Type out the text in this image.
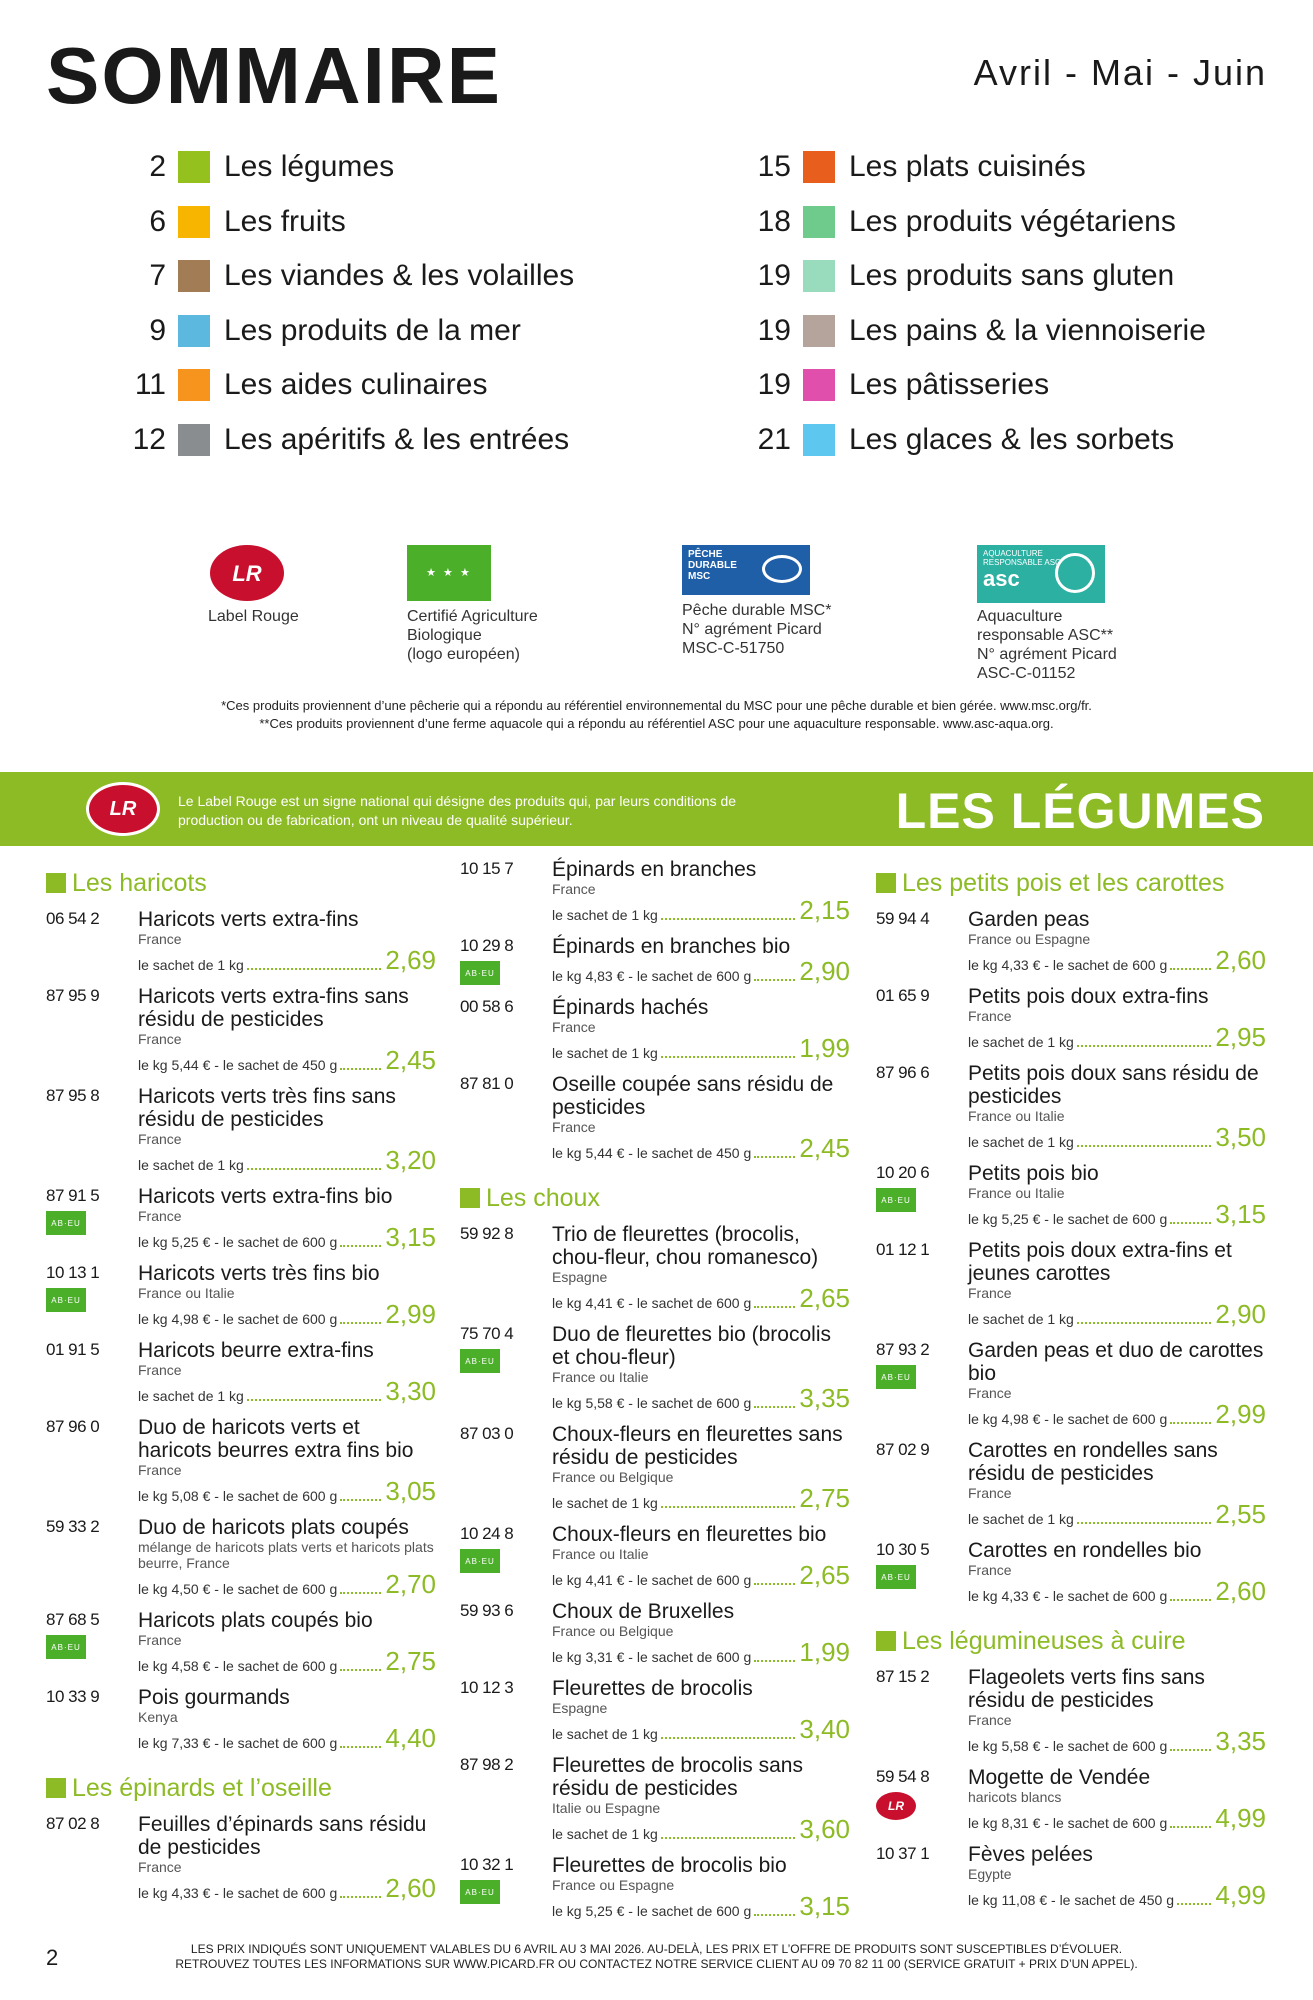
SOMMAIRE	Avril - Mai - Juin
2 Les légumes
6 Les fruits
7 Les viandes & les volailles
9 Les produits de la mer
11 Les aides culinaires
12 Les apéritifs & les entrées
15 Les plats cuisinés
18 Les produits végétariens
19 Les produits sans gluten
19 Les pains & la viennoiserie
19 Les pâtisseries
21 Les glaces & les sorbets
LR
Label Rouge
★ ★ ★
Certifié Agriculture
Biologique
(logo européen)
PÊCHE
DURABLE
MSC
Pêche durable MSC*
N° agrément Picard
MSC-C-51750
AQUACULTURE
RESPONSABLE ASC
asc
Aquaculture
responsable ASC**
N° agrément Picard
ASC-C-01152
*Ces produits proviennent d’une pêcherie qui a répondu au référentiel environnemental du MSC pour une pêche durable et bien gérée. www.msc.org/fr.
**Ces produits proviennent d’une ferme aquacole qui a répondu au référentiel ASC pour une aquaculture responsable. www.asc-aqua.org.
LR	Le Label Rouge est un signe national qui désigne des produits qui, par leurs conditions de production ou de fabrication, ont un niveau de qualité supérieur.	LES LÉGUMES
Les haricots
06 54 2 Haricots verts extra-fins
France
le sachet de 1 kg	2,69
87 95 9 Haricots verts extra-fins sans résidu de pesticides
France
le kg 5,44 € - le sachet de 450 g 2,45
87 95 8 Haricots verts très fins sans résidu de pesticides
France
le sachet de 1 kg	3,20
87 91 5
AB·EU
Haricots verts extra-fins bio
France
le kg 5,25 € - le sachet de 600 g 3,15
10 13 1
AB·EU
Haricots verts très fins bio
France ou Italie
le kg 4,98 € - le sachet de 600 g 2,99
01 91 5 Haricots beurre extra-fins
France
le sachet de 1 kg	3,30
87 96 0 Duo de haricots verts et haricots beurres extra fins bio
France
le kg 5,08 € - le sachet de 600 g 3,05
59 33 2 Duo de haricots plats coupés
mélange de haricots plats verts et haricots plats beurre, France
le kg 4,50 € - le sachet de 600 g 2,70
87 68 5
AB·EU
Haricots plats coupés bio
France
le kg 4,58 € - le sachet de 600 g 2,75
10 33 9 Pois gourmands
Kenya
le kg 7,33 € - le sachet de 600 g 4,40
Les épinards et l’oseille
87 02 8 Feuilles d’épinards sans résidu de pesticides
France
le kg 4,33 € - le sachet de 600 g 2,60
10 15 7 Épinards en branches
France
le sachet de 1 kg	2,15
10 29 8
AB·EU
Épinards en branches bio
le kg 4,83 € - le sachet de 600 g 2,90
00 58 6 Épinards hachés
France
le sachet de 1 kg	1,99
87 81 0 Oseille coupée sans résidu de pesticides
France
le kg 5,44 € - le sachet de 450 g 2,45
Les choux
59 92 8 Trio de fleurettes (brocolis, chou-fleur, chou romanesco)
Espagne
le kg 4,41 € - le sachet de 600 g 2,65
75 70 4
AB·EU
Duo de fleurettes bio (brocolis et chou-fleur)
France ou Italie
le kg 5,58 € - le sachet de 600 g 3,35
87 03 0 Choux-fleurs en fleurettes sans résidu de pesticides
France ou Belgique
le sachet de 1 kg	2,75
10 24 8
AB·EU
Choux-fleurs en fleurettes bio
France ou Italie
le kg 4,41 € - le sachet de 600 g 2,65
59 93 6 Choux de Bruxelles
France ou Belgique
le kg 3,31 € - le sachet de 600 g 1,99
10 12 3 Fleurettes de brocolis
Espagne
le sachet de 1 kg	3,40
87 98 2 Fleurettes de brocolis sans résidu de pesticides
Italie ou Espagne
le sachet de 1 kg	3,60
10 32 1
AB·EU
Fleurettes de brocolis bio
France ou Espagne
le kg 5,25 € - le sachet de 600 g 3,15
Les petits pois et les carottes
59 94 4 Garden peas
France ou Espagne
le kg 4,33 € - le sachet de 600 g 2,60
01 65 9 Petits pois doux extra-fins
France
le sachet de 1 kg	2,95
87 96 6 Petits pois doux sans résidu de pesticides
France ou Italie
le sachet de 1 kg	3,50
10 20 6
AB·EU
Petits pois bio
France ou Italie
le kg 5,25 € - le sachet de 600 g 3,15
01 12 1 Petits pois doux extra-fins et jeunes carottes
France
le sachet de 1 kg	2,90
87 93 2
AB·EU
Garden peas et duo de carottes bio
France
le kg 4,98 € - le sachet de 600 g 2,99
87 02 9 Carottes en rondelles sans résidu de pesticides
France
le sachet de 1 kg	2,55
10 30 5
AB·EU
Carottes en rondelles bio
France
le kg 4,33 € - le sachet de 600 g 2,60
Les légumineuses à cuire
87 15 2 Flageolets verts fins sans résidu de pesticides
France
le kg 5,58 € - le sachet de 600 g 3,35
59 54 8
LR
Mogette de Vendée
haricots blancs
le kg 8,31 € - le sachet de 600 g 4,99
10 37 1 Fèves pelées
Egypte
le kg 11,08 € - le sachet de 450 g 4,99
2	LES PRIX INDIQUÉS SONT UNIQUEMENT VALABLES DU 6 AVRIL AU 3 MAI 2026. AU-DELÀ, LES PRIX ET L’OFFRE DE PRODUITS SONT SUSCEPTIBLES D’ÉVOLUER.
RETROUVEZ TOUTES LES INFORMATIONS SUR WWW.PICARD.FR OU CONTACTEZ NOTRE SERVICE CLIENT AU 09 70 82 11 00 (SERVICE GRATUIT + PRIX D’UN APPEL).
